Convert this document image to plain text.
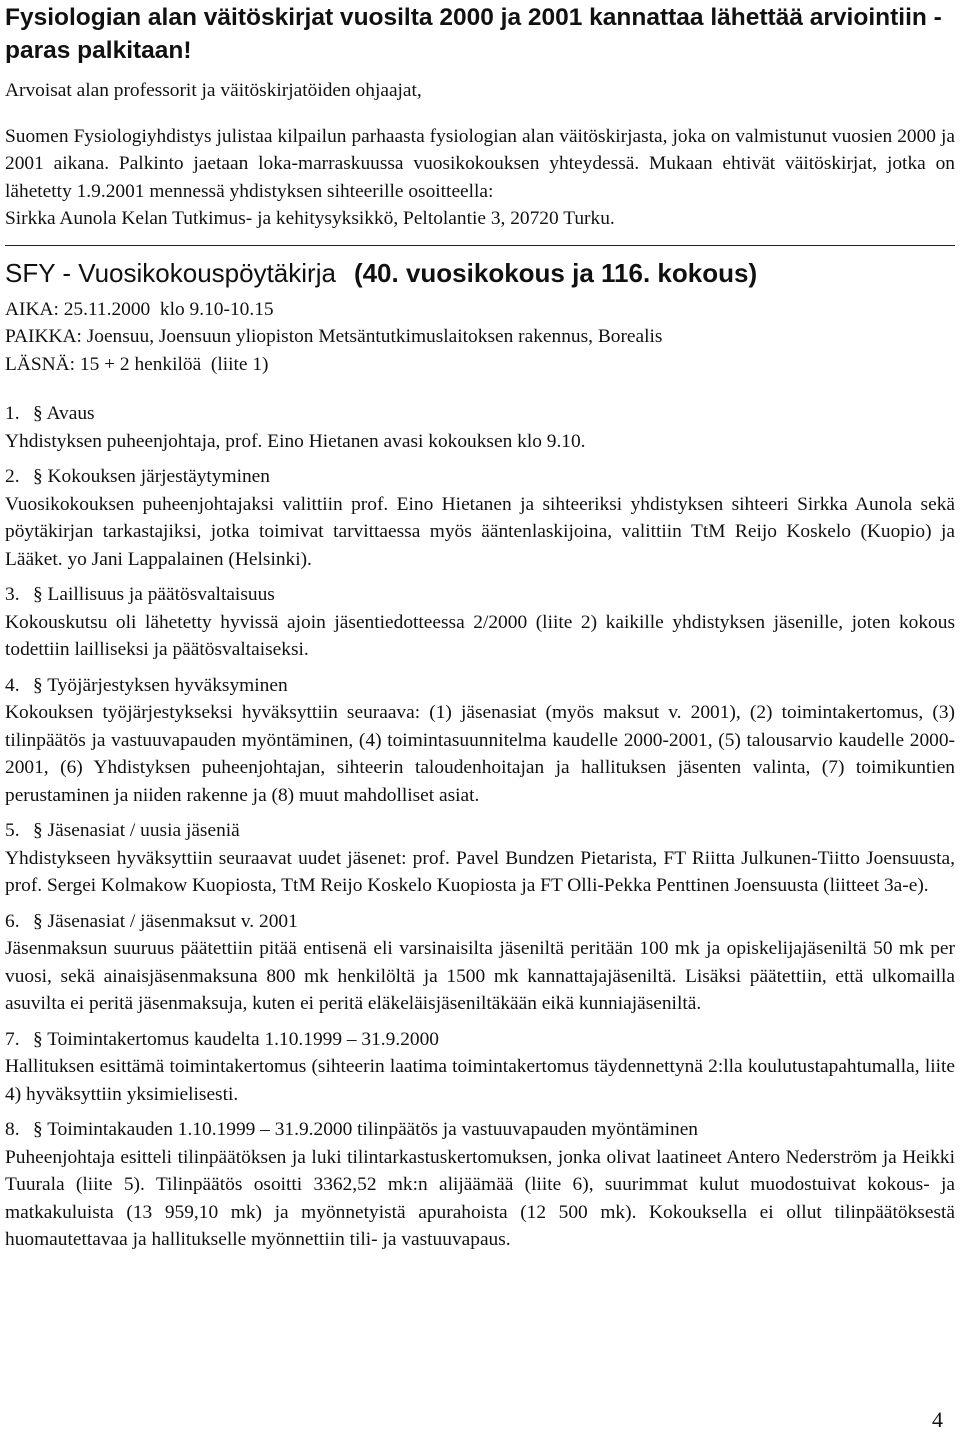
Fysiologian alan väitöskirjat vuosilta 2000 ja 2001 kannattaa lähettää arviointiin - paras palkitaan!

Arvoisat alan professorit ja väitöskirjatöiden ohjaajat,

Suomen Fysiologiyhdistys julistaa kilpailun parhaasta fysiologian alan väitöskirjasta, joka on valmistunut vuosien 2000 ja 2001 aikana. Palkinto jaetaan loka-marraskuussa vuosikokouksen yhteydessä. Mukaan ehtivät väitöskirjat, jotka on lähetetty 1.9.2001 mennessä yhdistyksen sihteerille osoitteella:

Sirkka Aunola Kelan Tutkimus- ja kehitysyksikkö, Peltolantie 3, 20720 Turku.

SFY - Vuosikokouspöytäkirja (40. vuosikokous ja 116. kokous)

AIKA: 25.11.2000  klo 9.10-10.15

PAIKKA: Joensuu, Joensuun yliopiston Metsäntutkimuslaitoksen rakennus, Borealis

LÄSNÄ: 15 + 2 henkilöä  (liite 1)

1. § Avaus

Yhdistyksen puheenjohtaja, prof. Eino Hietanen avasi kokouksen klo 9.10.

2. § Kokouksen järjestäytyminen

Vuosikokouksen puheenjohtajaksi valittiin prof. Eino Hietanen ja sihteeriksi yhdistyksen sihteeri Sirkka Aunola sekä pöytäkirjan tarkastajiksi, jotka toimivat tarvittaessa myös ääntenlaskijoina, valittiin TtM Reijo Koskelo (Kuopio) ja Lääket. yo Jani Lappalainen (Helsinki).

3. § Laillisuus ja päätösvaltaisuus

Kokouskutsu oli lähetetty hyvissä ajoin jäsentiedotteessa 2/2000 (liite 2) kaikille yhdistyksen jäsenille, joten kokous todettiin lailliseksi ja päätösvaltaiseksi.

4. § Työjärjestyksen hyväksyminen

Kokouksen työjärjestykseksi hyväksyttiin seuraava: (1) jäsenasiat (myös maksut v. 2001), (2) toimintakertomus, (3) tilinpäätös ja vastuuvapauden myöntäminen, (4) toimintasuunnitelma kaudelle 2000-2001, (5) talousarvio kaudelle 2000-2001, (6) Yhdistyksen puheenjohtajan, sihteerin taloudenhoitajan ja hallituksen jäsenten valinta, (7) toimikuntien perustaminen ja niiden rakenne ja (8) muut mahdolliset asiat.

5. § Jäsenasiat / uusia jäseniä

Yhdistykseen hyväksyttiin seuraavat uudet jäsenet: prof. Pavel Bundzen Pietarista, FT Riitta Julkunen-Tiitto Joensuusta, prof. Sergei Kolmakow Kuopiosta, TtM Reijo Koskelo Kuopiosta ja FT Olli-Pekka Penttinen Joensuusta (liitteet 3a-e).

6. § Jäsenasiat / jäsenmaksut v. 2001

Jäsenmaksun suuruus päätettiin pitää entisenä eli varsinaisilta jäseniltä peritään 100 mk ja opiskelijajäseniltä 50 mk per vuosi, sekä ainaisjäsenmaksuna 800 mk henkilöltä ja 1500 mk kannattajajäseniltä. Lisäksi päätettiin, että ulkomailla asuvilta ei peritä jäsenmaksuja, kuten ei peritä eläkeläisjäseniltäkään eikä kunniajäseniltä.

7. § Toimintakertomus kaudelta 1.10.1999 – 31.9.2000

Hallituksen esittämä toimintakertomus (sihteerin laatima toimintakertomus täydennettynä 2:lla koulutustapahtumalla, liite 4) hyväksyttiin yksimielisesti.

8. § Toimintakauden 1.10.1999 – 31.9.2000 tilinpäätös ja vastuuvapauden myöntäminen

Puheenjohtaja esitteli tilinpäätöksen ja luki tilintarkastuskertomuksen, jonka olivat laatineet Antero Nederström ja Heikki Tuurala (liite 5). Tilinpäätös osoitti 3362,52 mk:n alijäämää (liite 6), suurimmat kulut muodostuivat kokous- ja matkakuluista (13 959,10 mk) ja myönnetyistä apurahoista (12 500 mk). Kokouksella ei ollut tilinpäätöksestä huomautettavaa ja hallitukselle myönnettiin tili- ja vastuuvapaus.

4
